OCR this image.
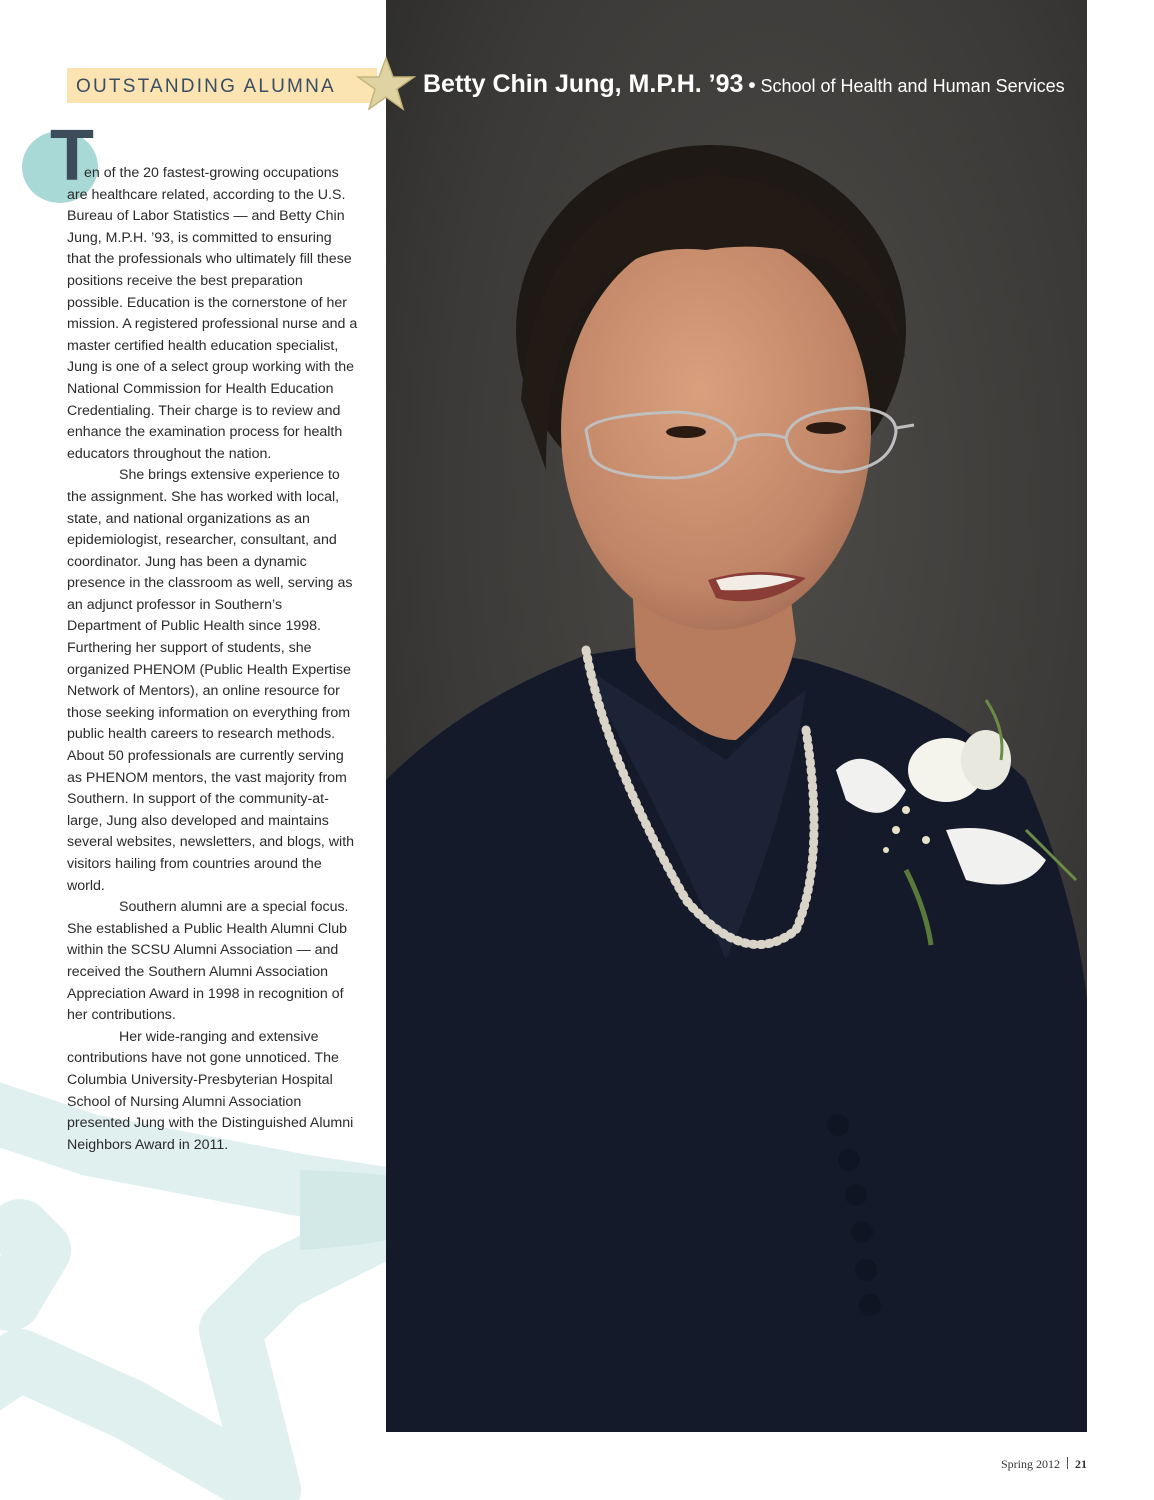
OUTSTANDING ALUMNA	Betty Chin Jung, M.P.H. ’93 • School of Health and Human Services
T

en of the 20 fastest-growing occupations are healthcare related, according to the U.S. Bureau of Labor Statistics — and Betty Chin Jung, M.P.H. ’93, is committed to ensuring that the professionals who ultimately fill these positions receive the best preparation possible. Education is the cornerstone of her mission. A registered professional nurse and a master certified health education specialist, Jung is one of a select group working with the National Commission for Health Education Credentialing. Their charge is to review and enhance the examination process for health educators throughout the nation.

She brings extensive experience to the assignment. She has worked with local, state, and national organizations as an epidemiologist, researcher, consultant, and coordinator. Jung has been a dynamic presence in the classroom as well, serving as an adjunct professor in Southern’s Department of Public Health since 1998. Furthering her support of students, she organized PHENOM (Public Health Expertise Network of Mentors), an online resource for those seeking information on everything from public health careers to research methods. About 50 professionals are currently serving as PHENOM mentors, the vast majority from Southern. In support of the community-at-large, Jung also developed and maintains several websites, newsletters, and blogs, with visitors hailing from countries around the world.

Southern alumni are a special focus. She established a Public Health Alumni Club within the SCSU Alumni Association — and received the Southern Alumni Association Appreciation Award in 1998 in recognition of her contributions.

Her wide-ranging and extensive contributions have not gone unnoticed. The Columbia University-Presbyterian Hospital School of Nursing Alumni Association presented Jung with the Distinguished Alumni Neighbors Award in 2011.

Spring 2012 21
